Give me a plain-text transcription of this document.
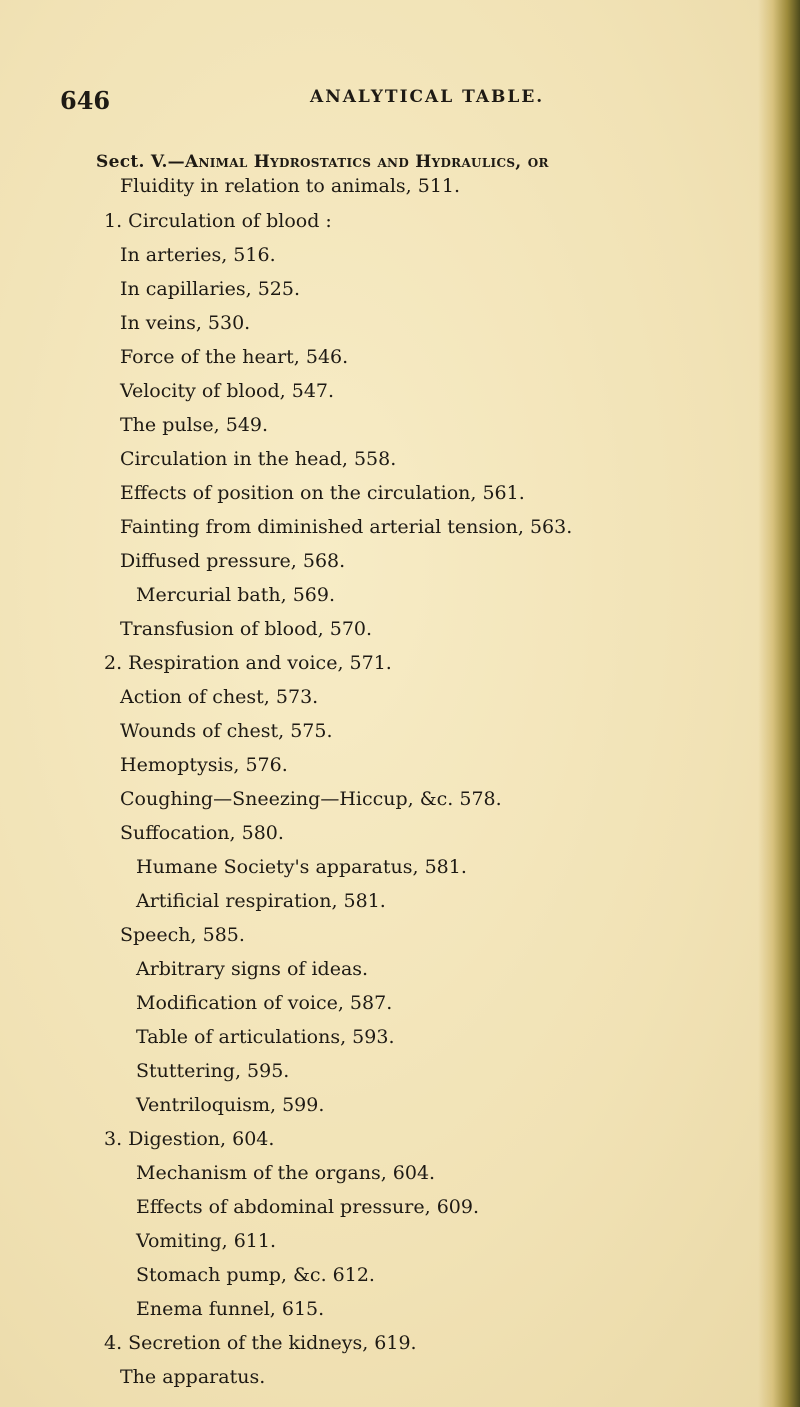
646	ANALYTICAL TABLE.
Sect. V.—Animal Hydrostatics and Hydraulics, or
Fluidity in relation to animals, 511.
1. Circulation of blood :
In arteries, 516.
In capillaries, 525.
In veins, 530.
Force of the heart, 546.
Velocity of blood, 547.
The pulse, 549.
Circulation in the head, 558.
Effects of position on the circulation, 561.
Fainting from diminished arterial tension, 563.
Diffused pressure, 568.
Mercurial bath, 569.
Transfusion of blood, 570.
2. Respiration and voice, 571.
Action of chest, 573.
Wounds of chest, 575.
Hemoptysis, 576.
Coughing—Sneezing—Hiccup, &c. 578.
Suffocation, 580.
Humane Society's apparatus, 581.
Artificial respiration, 581.
Speech, 585.
Arbitrary signs of ideas.
Modification of voice, 587.
Table of articulations, 593.
Stuttering, 595.
Ventriloquism, 599.
3. Digestion, 604.
Mechanism of the organs, 604.
Effects of abdominal pressure, 609.
Vomiting, 611.
Stomach pump, &c. 612.
Enema funnel, 615.
4. Secretion of the kidneys, 619.
The apparatus.
